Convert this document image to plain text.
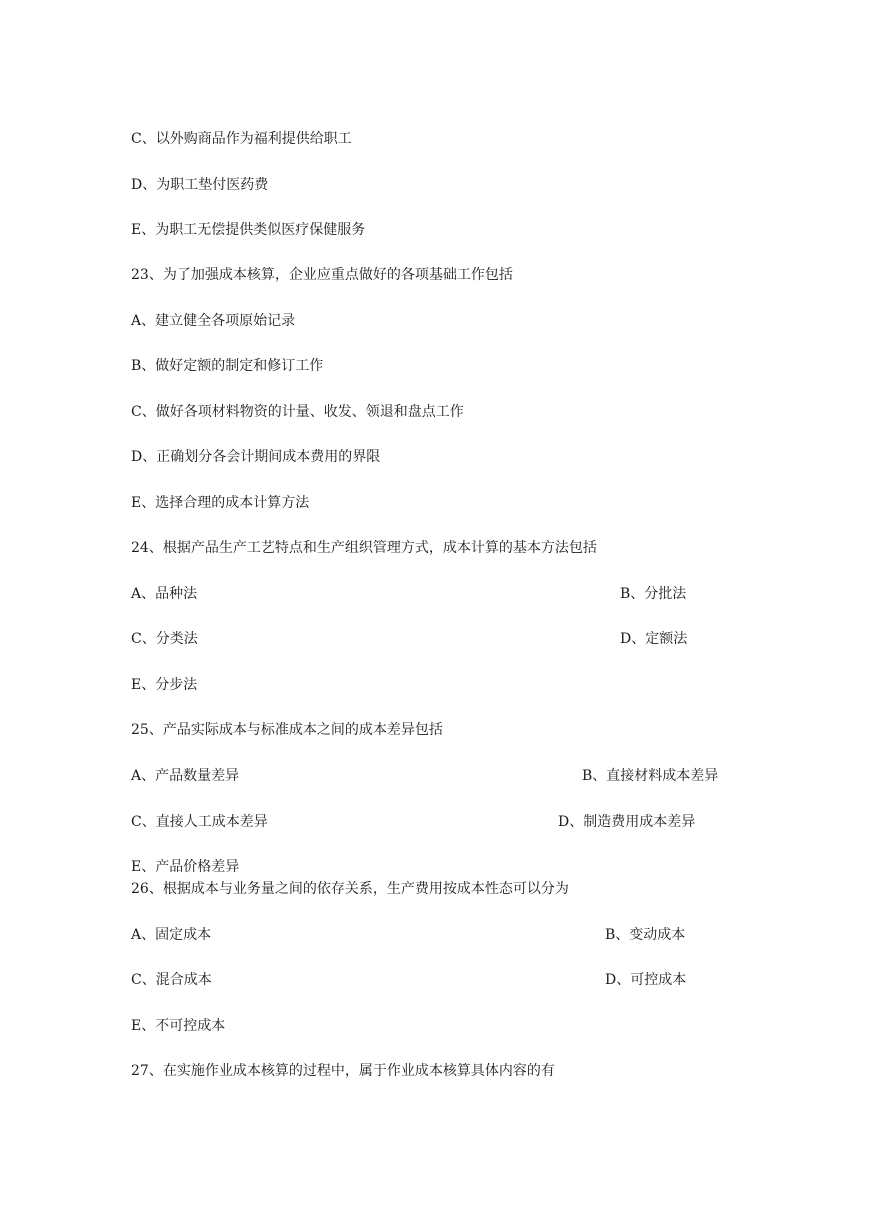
C、以外购商品作为福利提供给职工
D、为职工垫付医药费
E、为职工无偿提供类似医疗保健服务
23、为了加强成本核算，企业应重点做好的各项基础工作包括
A、建立健全各项原始记录
B、做好定额的制定和修订工作
C、做好各项材料物资的计量、收发、领退和盘点工作
D、正确划分各会计期间成本费用的界限
E、选择合理的成本计算方法
24、根据产品生产工艺特点和生产组织管理方式，成本计算的基本方法包括
A、品种法	B、分批法
C、分类法	D、定额法
E、分步法
25、产品实际成本与标准成本之间的成本差异包括
A、产品数量差异	B、直接材料成本差异
C、直接人工成本差异	D、制造费用成本差异
E、产品价格差异
26、根据成本与业务量之间的依存关系，生产费用按成本性态可以分为
A、固定成本	B、变动成本
C、混合成本	D、可控成本
E、不可控成本
27、在实施作业成本核算的过程中，属于作业成本核算具体内容的有
